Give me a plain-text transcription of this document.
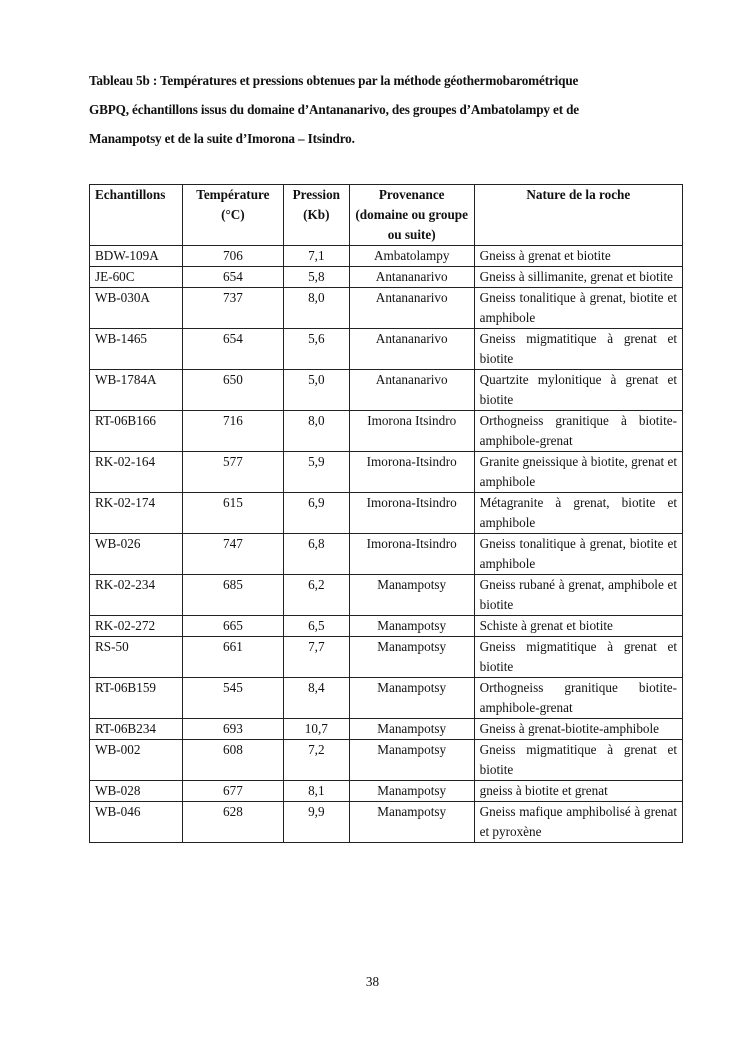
Tableau 5b : Températures et pressions obtenues par la méthode géothermobarométrique
GBPQ, échantillons issus du domaine d’Antananarivo, des groupes d’Ambatolampy et de
Manampotsy et de la suite d’Imorona – Itsindro.
Echantillons	Température (°C)	Pression (Kb)	Provenance (domaine ou groupe ou suite)	Nature de la roche
BDW-109A	706	7,1	Ambatolampy	Gneiss à grenat et biotite
JE-60C	654	5,8	Antananarivo	Gneiss à sillimanite, grenat et biotite
WB-030A	737	8,0	Antananarivo	Gneiss tonalitique à grenat, biotite et amphibole
WB-1465	654	5,6	Antananarivo	Gneiss migmatitique à grenat et biotite
WB-1784A	650	5,0	Antananarivo	Quartzite mylonitique à grenat et biotite
RT-06B166	716	8,0	Imorona Itsindro	Orthogneiss granitique à biotite-amphibole-grenat
RK-02-164	577	5,9	Imorona-Itsindro	Granite gneissique à biotite, grenat et amphibole
RK-02-174	615	6,9	Imorona-Itsindro	Métagranite à grenat, biotite et amphibole
WB-026	747	6,8	Imorona-Itsindro	Gneiss tonalitique à grenat, biotite et amphibole
RK-02-234	685	6,2	Manampotsy	Gneiss rubané à grenat, amphibole et biotite
RK-02-272	665	6,5	Manampotsy	Schiste à grenat et biotite
RS-50	661	7,7	Manampotsy	Gneiss migmatitique à grenat et biotite
RT-06B159	545	8,4	Manampotsy	Orthogneiss granitique biotite-amphibole-grenat
RT-06B234	693	10,7	Manampotsy	Gneiss à grenat-biotite-amphibole
WB-002	608	7,2	Manampotsy	Gneiss migmatitique à grenat et biotite
WB-028	677	8,1	Manampotsy	gneiss à biotite et grenat
WB-046	628	9,9	Manampotsy	Gneiss mafique amphibolisé à grenat et pyroxène
38
